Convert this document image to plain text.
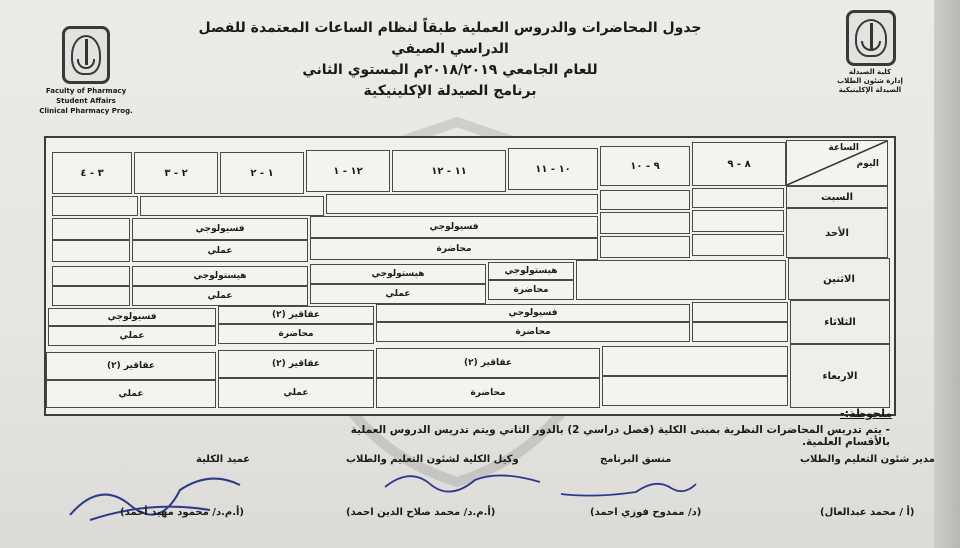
Faculty of Pharmacy
Student Affairs
Clinical Pharmacy Prog.
كلية الصيدلة
إدارة شئون الطلاب
الصيدلة الإكلينيكية
جدول المحاضرات والدروس العملية طبقاً لنظام الساعات المعتمدة للفصل الدراسي الصيفي
للعام الجامعي ٢٠١٨/٢٠١٩م المستوي الثاني
برنامج الصيدلة الإكلينيكية
الساعة
اليوم
٨ - ٩
٩ - ١٠
١٠ - ١١
١١ - ١٢
١٢ - ١
١ - ٢
٢ - ٣
٣ - ٤
السبت
الأحد
الاثنين
الثلاثاء
الاربعاء
فسيولوجي
محاضرة
فسيولوجي
عملي
هيستولوجي
محاضرة
هيستولوجي
عملي
هيستولوجي
عملي
فسيولوجي
محاضرة
عقاقير (٢)
محاضرة
فسيولوجي
عملي
عقاقير (٢)
محاضرة
عقاقير (٢)
عملي
عقاقير (٢)
عملي
ملحوظة:-
- يتم تدريس المحاضرات النظرية بمبنى الكلية (فصل دراسي 2) بالدور الثاني ويتم تدريس الدروس العملية بالأقسام العلمية.
مدير شئون التعليم والطلاب
منسق البرنامج
وكيل الكلية لشئون التعليم والطلاب
عميد الكلية
(أ / محمد عبدالعال)
(د/ ممدوح فوزي احمد)
(أ.م.د/ محمد صلاح الدين احمد)
(أ.م.د/ محمود مهيد أحمد)
